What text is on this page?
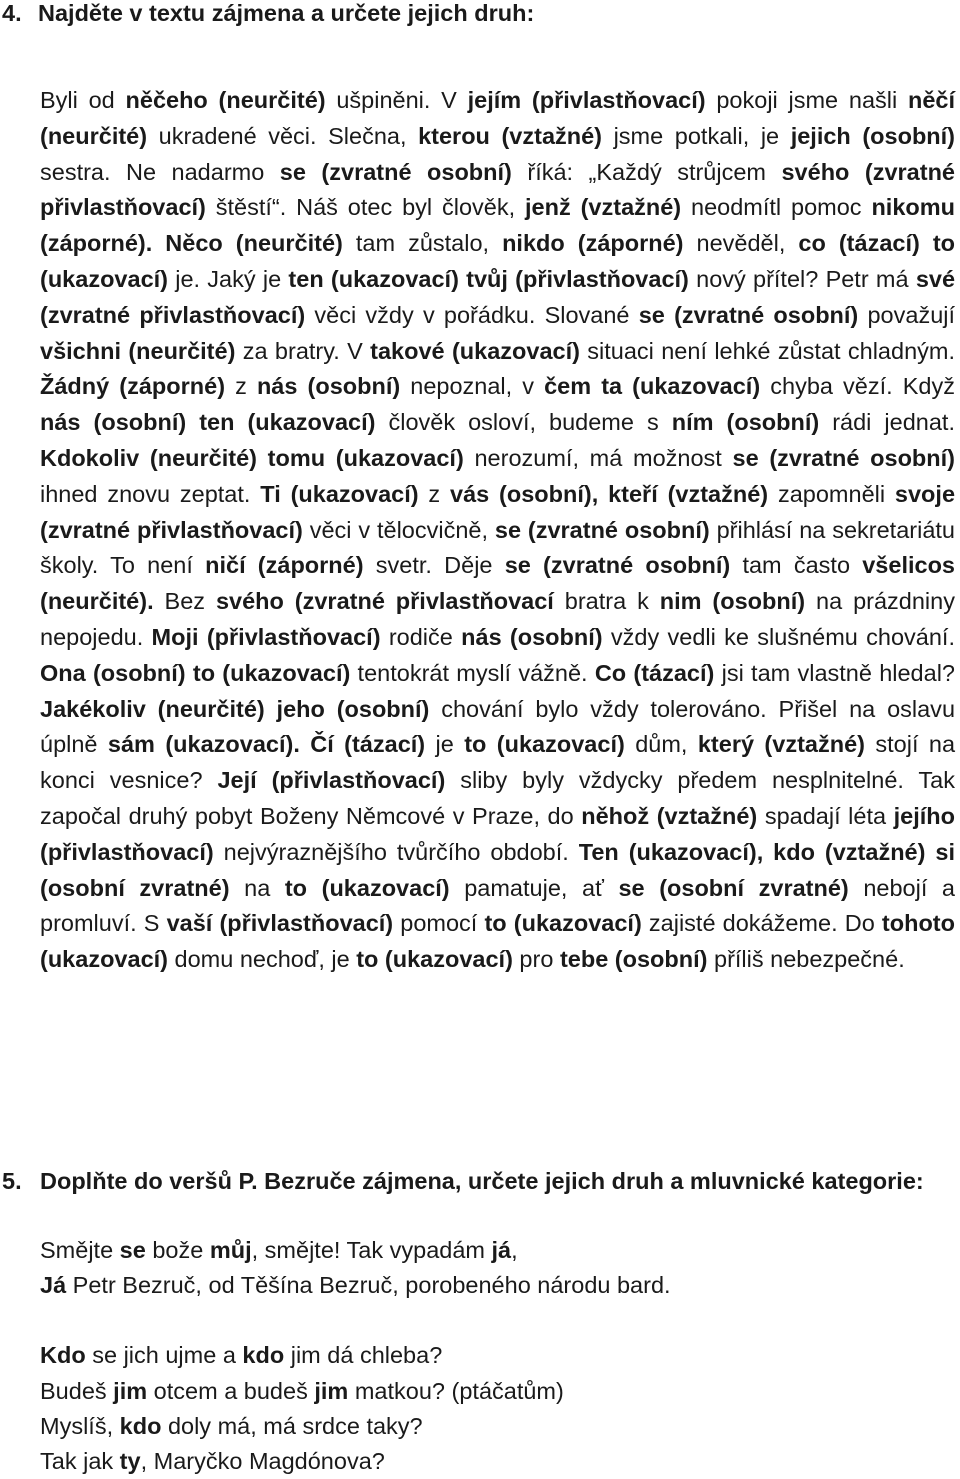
4. Najděte v textu zájmena a určete jejich druh:

Byli od něčeho (neurčité) ušpiněni. V jejím (přivlastňovací) pokoji jsme našli něčí (neurčité) ukradené věci. Slečna, kterou (vztažné) jsme potkali, je jejich (osobní) sestra. Ne nadarmo se (zvratné osobní) říká: „Každý strůjcem svého (zvratné přivlastňovací) štěstí“. Náš otec byl člověk, jenž (vztažné) neodmítl pomoc nikomu (záporné). Něco (neurčité) tam zůstalo, nikdo (záporné) nevěděl, co (tázací) to (ukazovací) je. Jaký je ten (ukazovací) tvůj (přivlastňovací) nový přítel? Petr má své (zvratné přivlastňovací) věci vždy v pořádku. Slované se (zvratné osobní) považují všichni (neurčité) za bratry. V takové (ukazovací) situaci není lehké zůstat chladným. Žádný (záporné) z nás (osobní) nepoznal, v čem ta (ukazovací) chyba vězí. Když nás (osobní) ten (ukazovací) člověk osloví, budeme s ním (osobní) rádi jednat. Kdokoliv (neurčité) tomu (ukazovací) nerozumí, má možnost se (zvratné osobní) ihned znovu zeptat. Ti (ukazovací) z vás (osobní), kteří (vztažné) zapomněli svoje (zvratné přivlastňovací) věci v tělocvičně, se (zvratné osobní) přihlásí na sekretariátu školy. To není ničí (záporné) svetr. Děje se (zvratné osobní) tam často všelicos (neurčité). Bez svého (zvratné přivlastňovací bratra k nim (osobní) na prázdniny nepojedu. Moji (přivlastňovací) rodiče nás (osobní) vždy vedli ke slušnému chování. Ona (osobní) to (ukazovací) tentokrát myslí vážně. Co (tázací) jsi tam vlastně hledal? Jakékoliv (neurčité) jeho (osobní) chování bylo vždy tolerováno. Přišel na oslavu úplně sám (ukazovací). Čí (tázací) je to (ukazovací) dům, který (vztažné) stojí na konci vesnice? Její (přivlastňovací) sliby byly vždycky předem nesplnitelné. Tak započal druhý pobyt Boženy Němcové v Praze, do něhož (vztažné) spadají léta jejího (přivlastňovací) nejvýraznějšího tvůrčího období. Ten (ukazovací), kdo (vztažné) si (osobní zvratné) na to (ukazovací) pamatuje, ať se (osobní zvratné) nebojí a promluví. S vaší (přivlastňovací) pomocí to (ukazovací) zajisté dokážeme. Do tohoto (ukazovací) domu nechoď, je to (ukazovací) pro tebe (osobní) příliš nebezpečné.

5. Doplňte do veršů P. Bezruče zájmena, určete jejich druh a mluvnické kategorie:
Smějte se bože můj, smějte! Tak vypadám já,
Já Petr Bezruč, od Těšína Bezruč, porobeného národu bard.
Kdo se jich ujme a kdo jim dá chleba?
Budeš jim otcem a budeš jim matkou? (ptáčatům)
Myslíš, kdo doly má, má srdce taky?
Tak jak ty, Maryčko Magdónova?
